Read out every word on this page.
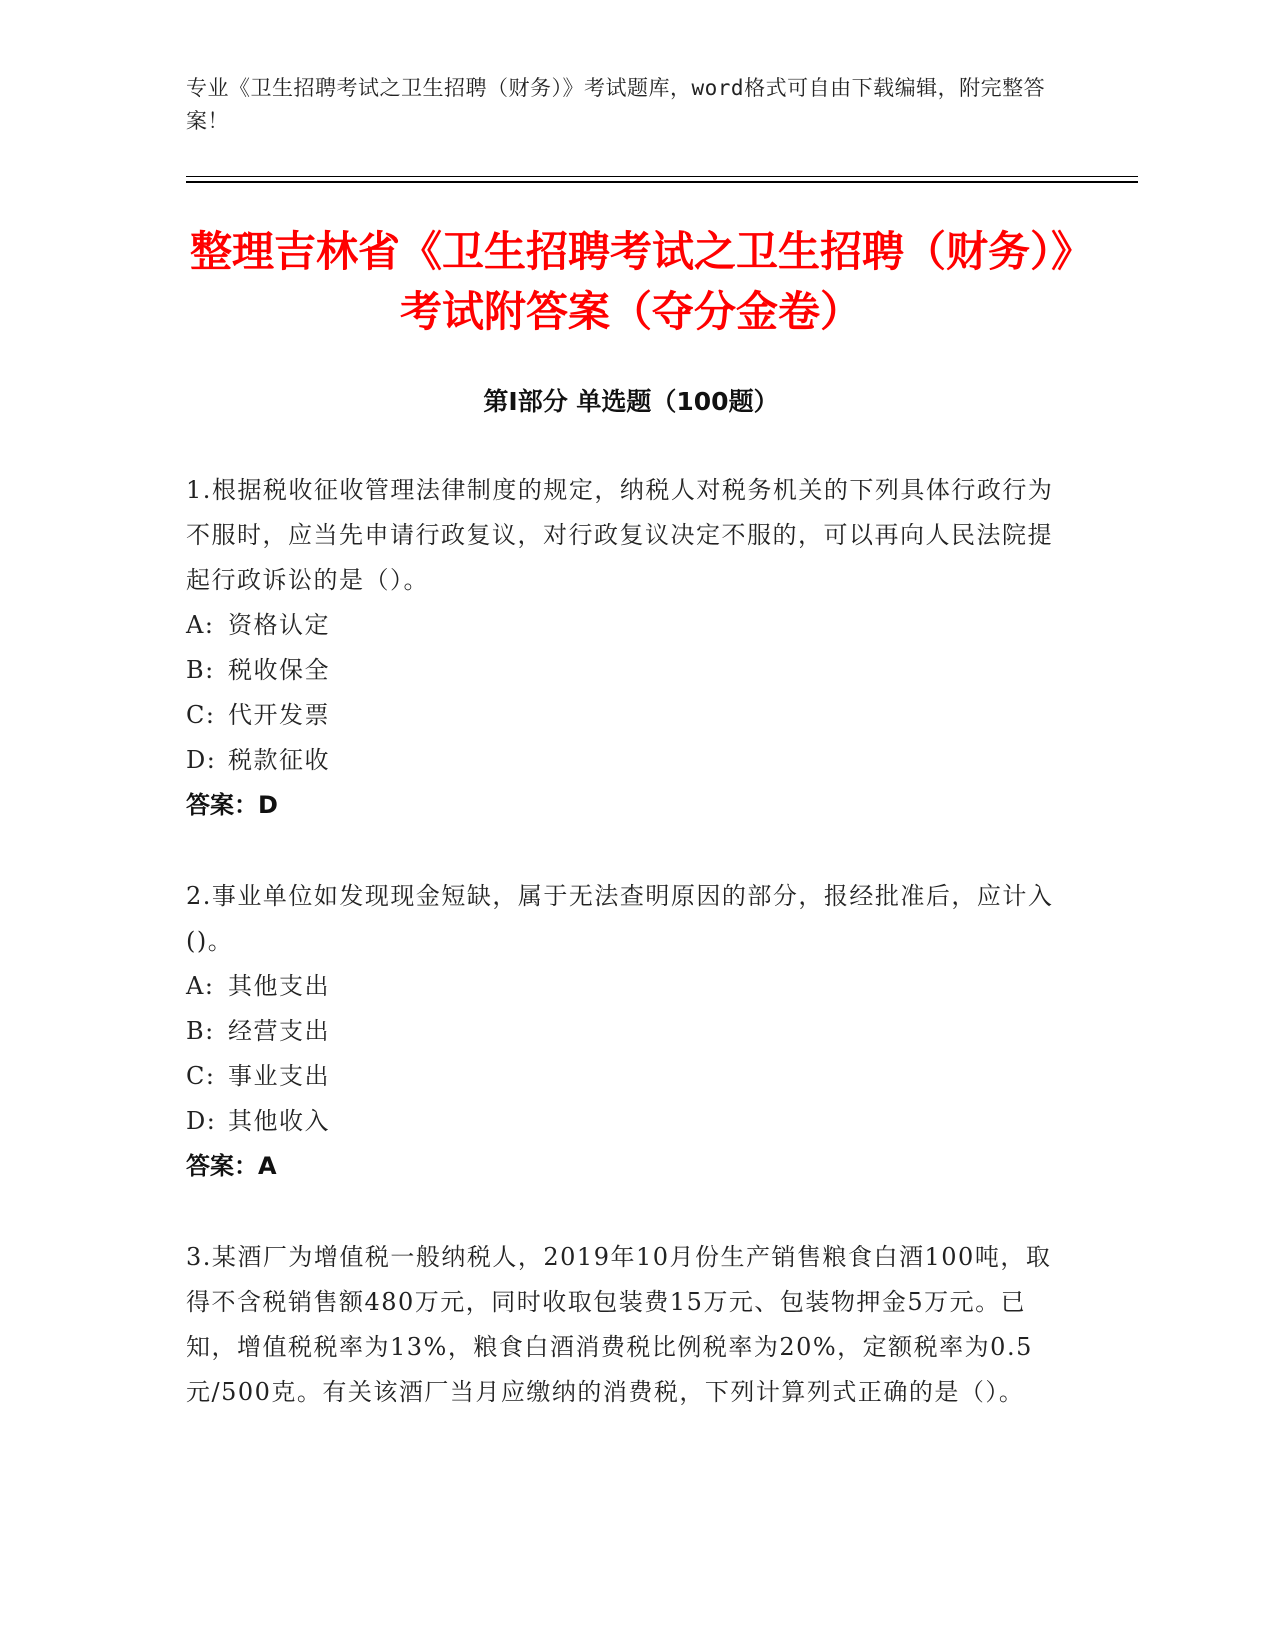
专业《卫生招聘考试之卫生招聘（财务）》考试题库，word格式可自由下载编辑，附完整答案！
整理吉林省《卫生招聘考试之卫生招聘（财务）》考试附答案（夺分金卷）
第Ⅰ部分 单选题（100题）
1.根据税收征收管理法律制度的规定，纳税人对税务机关的下列具体行政行为不服时，应当先申请行政复议，对行政复议决定不服的，可以再向人民法院提起行政诉讼的是（）。
A: 资格认定
B: 税收保全
C: 代开发票
D: 税款征收
答案：D
2.事业单位如发现现金短缺，属于无法查明原因的部分，报经批准后，应计入()。
A: 其他支出
B: 经营支出
C: 事业支出
D: 其他收入
答案：A
3.某酒厂为增值税一般纳税人，2019年10月份生产销售粮食白酒100吨，取得不含税销售额480万元，同时收取包装费15万元、包装物押金5万元。已知，增值税税率为13%，粮食白酒消费税比例税率为20%，定额税率为0.5元/500克。有关该酒厂当月应缴纳的消费税，下列计算列式正确的是（）。
